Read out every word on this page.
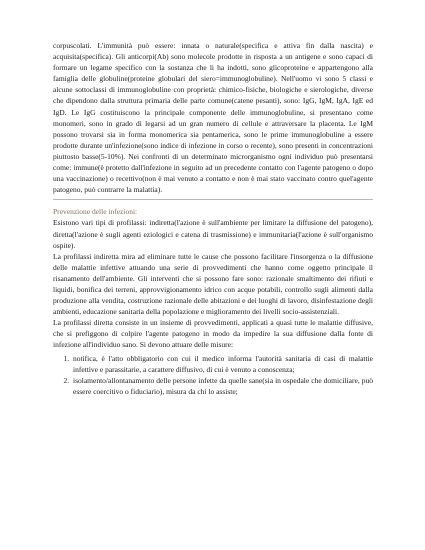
corpuscolati. L'immunità può essere: innata o naturale(specifica e attiva fin dalla nascita) e acquisita(specifica). Gli anticorpi(Ab) sono molecole prodotte in risposta a un antigene e sono capaci di formare un legame specifico con la sostanza che li ha indotti, sono glicoproteine e appartengono alla famiglia delle globuline(proteine globulari del siero=immunoglobuline). Nell'uomo vi sono 5 classi e alcune sottoclassi di immunoglobuline con proprietà: chimico-fisiche, biologiche e sierologiche, diverse che dipendono dalla struttura primaria delle parte comune(catene pesanti), sono: IgG, IgM, IgA, IgE ed IgD. Le IgG costituiscono la principale componente delle immunoglobuline, si presentano come monomeri, sono in grado di legarsi ad un gran numero di cellule e attraversare la placenta. Le IgM possono trovarsi sia in forma monomerica sia pentamerica, sono le prime immunoglobuline a essere prodotte durante un'infezione(sono indice di infezione in corso o recente), sono presenti in concentrazioni piuttosto basse(5-10%). Nei confronti di un determinato microrganismo ogni individuo può presentarsi come: immune(è protetto dall'infezione in seguito ad un precedente contatto con l'agente patogeno o dopo una vaccinazione) o recettivo(non è mai venuto a contatto e non è mai stato vaccinato contro quel'agente patogeno, può contrarre la malattia).

Prevenzione delle infezioni:

Esistono vari tipi di profilassi: indiretta(l'azione è sull'ambiente per limitare la diffusione del patogeno), diretta(l'azione è sugli agenti eziologici e catena di trasmissione) e immunitaria(l'azione è sull'organismo ospite).

La profilassi indiretta mira ad eliminare tutte le cause che possono facilitare l'insorgenza o la diffusione delle malattie infettive attuando una serie di provvedimenti che hanno come oggetto principale il risanamento dell'ambiente. Gli interventi che si possono fare sono: razionale smaltimento dei rifiuti e liquidi, bonifica dei terreni, approvvigionamento idrico con acque potabili, controllo sugli alimenti dalla produzione alla vendita, costruzione razionale delle abitazioni e dei luoghi di lavoro, disinfestazione degli ambienti, educazione sanitaria della popolazione e miglioramento dei livelli socio-assistenziali.

La profilassi diretta consiste in un insieme di provvedimenti, applicati a quasi tutte le malattie diffusive, che si prefiggono di colpire l'agente patogeno in modo da impedire la sua diffusione dalla fonte di infezione all'individuo sano. Si devono attuare delle misure:

1. notifica, è l'atto obbligatorio con cui il medico informa l'autorità sanitaria di casi di malattie infettive e parassitarie, a carattere diffusivo, di cui è venuto a conoscenza;
2. isolamento/allontanamento delle persone infette da quelle sane(sia in ospedale che domiciliare, può essere coercitivo o fiduciario), misura da chi lo assiste;
